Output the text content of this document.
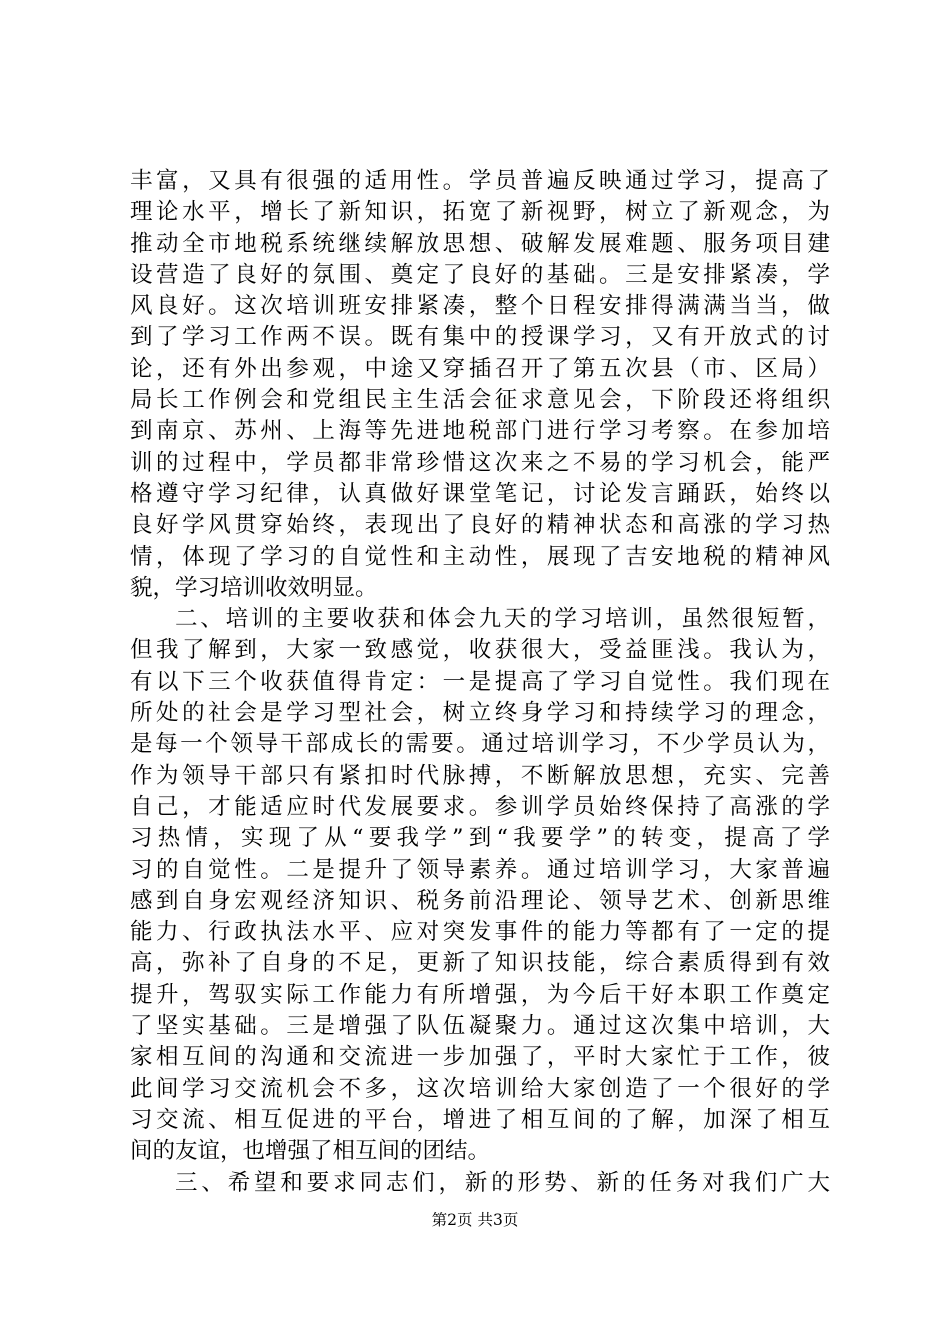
丰富，又具有很强的适用性。学员普遍反映通过学习，提高了
理论水平，增长了新知识，拓宽了新视野，树立了新观念，为
推动全市地税系统继续解放思想、破解发展难题、服务项目建
设营造了良好的氛围、奠定了良好的基础。三是安排紧凑，学
风良好。这次培训班安排紧凑，整个日程安排得满满当当，做
到了学习工作两不误。既有集中的授课学习，又有开放式的讨
论，还有外出参观，中途又穿插召开了第五次县（市、区局）
局长工作例会和党组民主生活会征求意见会，下阶段还将组织
到南京、苏州、上海等先进地税部门进行学习考察。在参加培
训的过程中，学员都非常珍惜这次来之不易的学习机会，能严
格遵守学习纪律，认真做好课堂笔记，讨论发言踊跃，始终以
良好学风贯穿始终，表现出了良好的精神状态和高涨的学习热
情，体现了学习的自觉性和主动性，展现了吉安地税的精神风
貌，学习培训收效明显。
二、培训的主要收获和体会九天的学习培训，虽然很短暂，
但我了解到，大家一致感觉，收获很大，受益匪浅。我认为，
有以下三个收获值得肯定：一是提高了学习自觉性。我们现在
所处的社会是学习型社会，树立终身学习和持续学习的理念，
是每一个领导干部成长的需要。通过培训学习，不少学员认为，
作为领导干部只有紧扣时代脉搏，不断解放思想，充实、完善
自己，才能适应时代发展要求。参训学员始终保持了高涨的学
习热情，实现了从“要我学”到“我要学”的转变，提高了学
习的自觉性。二是提升了领导素养。通过培训学习，大家普遍
感到自身宏观经济知识、税务前沿理论、领导艺术、创新思维
能力、行政执法水平、应对突发事件的能力等都有了一定的提
高，弥补了自身的不足，更新了知识技能，综合素质得到有效
提升，驾驭实际工作能力有所增强，为今后干好本职工作奠定
了坚实基础。三是增强了队伍凝聚力。通过这次集中培训，大
家相互间的沟通和交流进一步加强了，平时大家忙于工作，彼
此间学习交流机会不多，这次培训给大家创造了一个很好的学
习交流、相互促进的平台，增进了相互间的了解，加深了相互
间的友谊，也增强了相互间的团结。
三、希望和要求同志们，新的形势、新的任务对我们广大
第2页 共3页
